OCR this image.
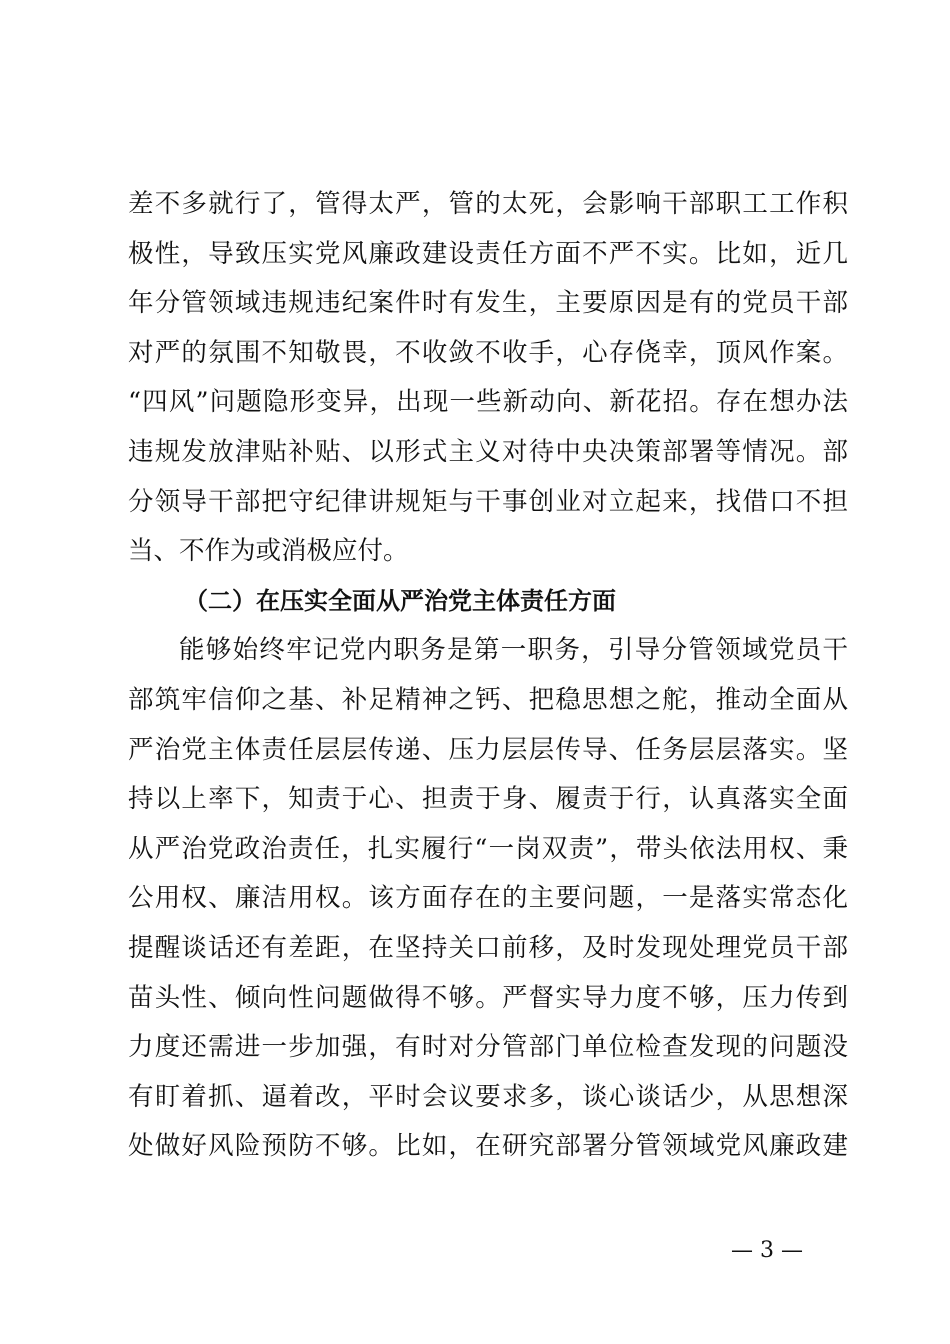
差不多就行了，管得太严，管的太死，会影响干部职工工作积
极性，导致压实党风廉政建设责任方面不严不实。比如，近几
年分管领域违规违纪案件时有发生，主要原因是有的党员干部
对严的氛围不知敬畏，不收敛不收手，心存侥幸，顶风作案。
“四风”问题隐形变异，出现一些新动向、新花招。存在想办法
违规发放津贴补贴、以形式主义对待中央决策部署等情况。部
分领导干部把守纪律讲规矩与干事创业对立起来，找借口不担
当、不作为或消极应付。
（二）在压实全面从严治党主体责任方面
能够始终牢记党内职务是第一职务，引导分管领域党员干
部筑牢信仰之基、补足精神之钙、把稳思想之舵，推动全面从
严治党主体责任层层传递、压力层层传导、任务层层落实。坚
持以上率下，知责于心、担责于身、履责于行，认真落实全面
从严治党政治责任，扎实履行“一岗双责”，带头依法用权、秉
公用权、廉洁用权。该方面存在的主要问题，一是落实常态化
提醒谈话还有差距，在坚持关口前移，及时发现处理党员干部
苗头性、倾向性问题做得不够。严督实导力度不够，压力传到
力度还需进一步加强，有时对分管部门单位检查发现的问题没
有盯着抓、逼着改，平时会议要求多，谈心谈话少，从思想深
处做好风险预防不够。比如，在研究部署分管领域党风廉政建
— 3 —
